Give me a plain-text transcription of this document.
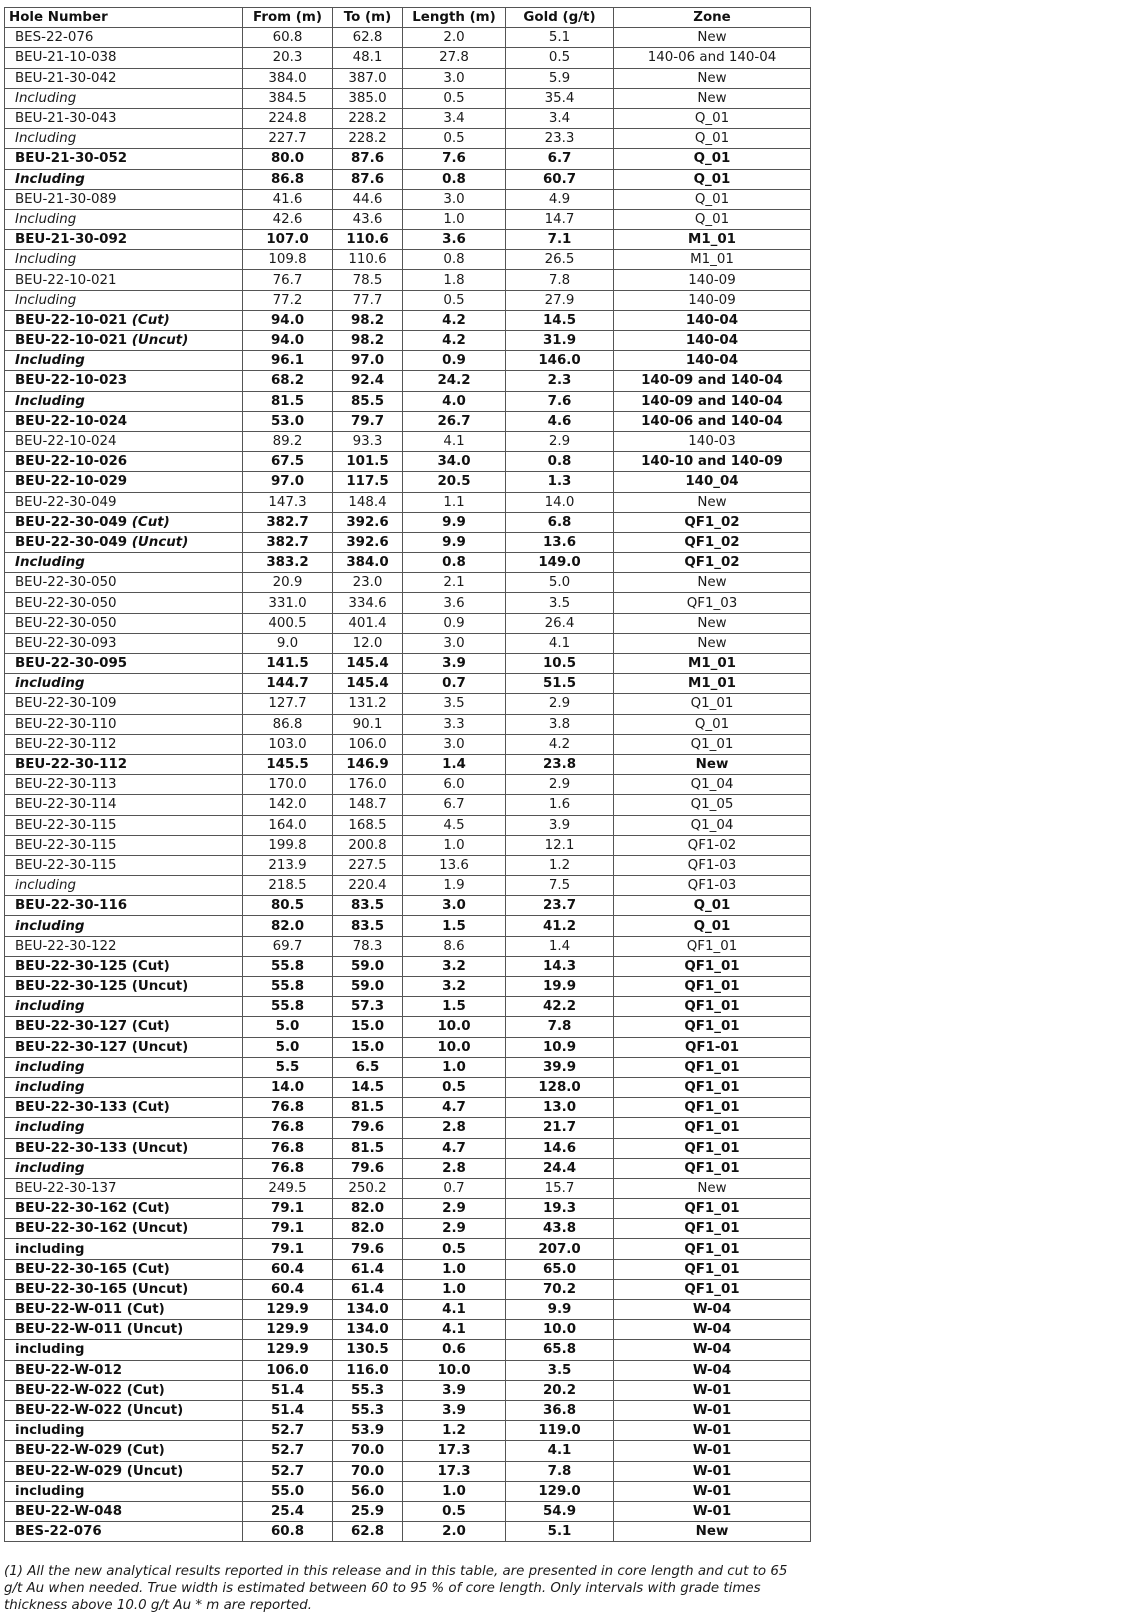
Hole Number	From (m)	To (m)	Length (m)	Gold (g/t)	Zone
BES-22-076	60.8	62.8	2.0	5.1	New
BEU-21-10-038	20.3	48.1	27.8	0.5	140-06 and 140-04
BEU-21-30-042	384.0	387.0	3.0	5.9	New
Including	384.5	385.0	0.5	35.4	New
BEU-21-30-043	224.8	228.2	3.4	3.4	Q_01
Including	227.7	228.2	0.5	23.3	Q_01
BEU-21-30-052	80.0	87.6	7.6	6.7	Q_01
Including	86.8	87.6	0.8	60.7	Q_01
BEU-21-30-089	41.6	44.6	3.0	4.9	Q_01
Including	42.6	43.6	1.0	14.7	Q_01
BEU-21-30-092	107.0	110.6	3.6	7.1	M1_01
Including	109.8	110.6	0.8	26.5	M1_01
BEU-22-10-021	76.7	78.5	1.8	7.8	140-09
Including	77.2	77.7	0.5	27.9	140-09
BEU-22-10-021 (Cut)	94.0	98.2	4.2	14.5	140-04
BEU-22-10-021 (Uncut)	94.0	98.2	4.2	31.9	140-04
Including	96.1	97.0	0.9	146.0	140-04
BEU-22-10-023	68.2	92.4	24.2	2.3	140-09 and 140-04
Including	81.5	85.5	4.0	7.6	140-09 and 140-04
BEU-22-10-024	53.0	79.7	26.7	4.6	140-06 and 140-04
BEU-22-10-024	89.2	93.3	4.1	2.9	140-03
BEU-22-10-026	67.5	101.5	34.0	0.8	140-10 and 140-09
BEU-22-10-029	97.0	117.5	20.5	1.3	140_04
BEU-22-30-049	147.3	148.4	1.1	14.0	New
BEU-22-30-049 (Cut)	382.7	392.6	9.9	6.8	QF1_02
BEU-22-30-049 (Uncut)	382.7	392.6	9.9	13.6	QF1_02
Including	383.2	384.0	0.8	149.0	QF1_02
BEU-22-30-050	20.9	23.0	2.1	5.0	New
BEU-22-30-050	331.0	334.6	3.6	3.5	QF1_03
BEU-22-30-050	400.5	401.4	0.9	26.4	New
BEU-22-30-093	9.0	12.0	3.0	4.1	New
BEU-22-30-095	141.5	145.4	3.9	10.5	M1_01
including	144.7	145.4	0.7	51.5	M1_01
BEU-22-30-109	127.7	131.2	3.5	2.9	Q1_01
BEU-22-30-110	86.8	90.1	3.3	3.8	Q_01
BEU-22-30-112	103.0	106.0	3.0	4.2	Q1_01
BEU-22-30-112	145.5	146.9	1.4	23.8	New
BEU-22-30-113	170.0	176.0	6.0	2.9	Q1_04
BEU-22-30-114	142.0	148.7	6.7	1.6	Q1_05
BEU-22-30-115	164.0	168.5	4.5	3.9	Q1_04
BEU-22-30-115	199.8	200.8	1.0	12.1	QF1-02
BEU-22-30-115	213.9	227.5	13.6	1.2	QF1-03
including	218.5	220.4	1.9	7.5	QF1-03
BEU-22-30-116	80.5	83.5	3.0	23.7	Q_01
including	82.0	83.5	1.5	41.2	Q_01
BEU-22-30-122	69.7	78.3	8.6	1.4	QF1_01
BEU-22-30-125 (Cut)	55.8	59.0	3.2	14.3	QF1_01
BEU-22-30-125 (Uncut)	55.8	59.0	3.2	19.9	QF1_01
including	55.8	57.3	1.5	42.2	QF1_01
BEU-22-30-127 (Cut)	5.0	15.0	10.0	7.8	QF1_01
BEU-22-30-127 (Uncut)	5.0	15.0	10.0	10.9	QF1-01
including	5.5	6.5	1.0	39.9	QF1_01
including	14.0	14.5	0.5	128.0	QF1_01
BEU-22-30-133 (Cut)	76.8	81.5	4.7	13.0	QF1_01
including	76.8	79.6	2.8	21.7	QF1_01
BEU-22-30-133 (Uncut)	76.8	81.5	4.7	14.6	QF1_01
including	76.8	79.6	2.8	24.4	QF1_01
BEU-22-30-137	249.5	250.2	0.7	15.7	New
BEU-22-30-162 (Cut)	79.1	82.0	2.9	19.3	QF1_01
BEU-22-30-162 (Uncut)	79.1	82.0	2.9	43.8	QF1_01
including	79.1	79.6	0.5	207.0	QF1_01
BEU-22-30-165 (Cut)	60.4	61.4	1.0	65.0	QF1_01
BEU-22-30-165 (Uncut)	60.4	61.4	1.0	70.2	QF1_01
BEU-22-W-011 (Cut)	129.9	134.0	4.1	9.9	W-04
BEU-22-W-011 (Uncut)	129.9	134.0	4.1	10.0	W-04
including	129.9	130.5	0.6	65.8	W-04
BEU-22-W-012	106.0	116.0	10.0	3.5	W-04
BEU-22-W-022 (Cut)	51.4	55.3	3.9	20.2	W-01
BEU-22-W-022 (Uncut)	51.4	55.3	3.9	36.8	W-01
including	52.7	53.9	1.2	119.0	W-01
BEU-22-W-029 (Cut)	52.7	70.0	17.3	4.1	W-01
BEU-22-W-029 (Uncut)	52.7	70.0	17.3	7.8	W-01
including	55.0	56.0	1.0	129.0	W-01
BEU-22-W-048	25.4	25.9	0.5	54.9	W-01
BES-22-076	60.8	62.8	2.0	5.1	New
(1) All the new analytical results reported in this release and in this table, are presented in core length and cut to 65 g/t Au when needed. True width is estimated between 60 to 95 % of core length. Only intervals with grade times thickness above 10.0 g/t Au * m are reported.
